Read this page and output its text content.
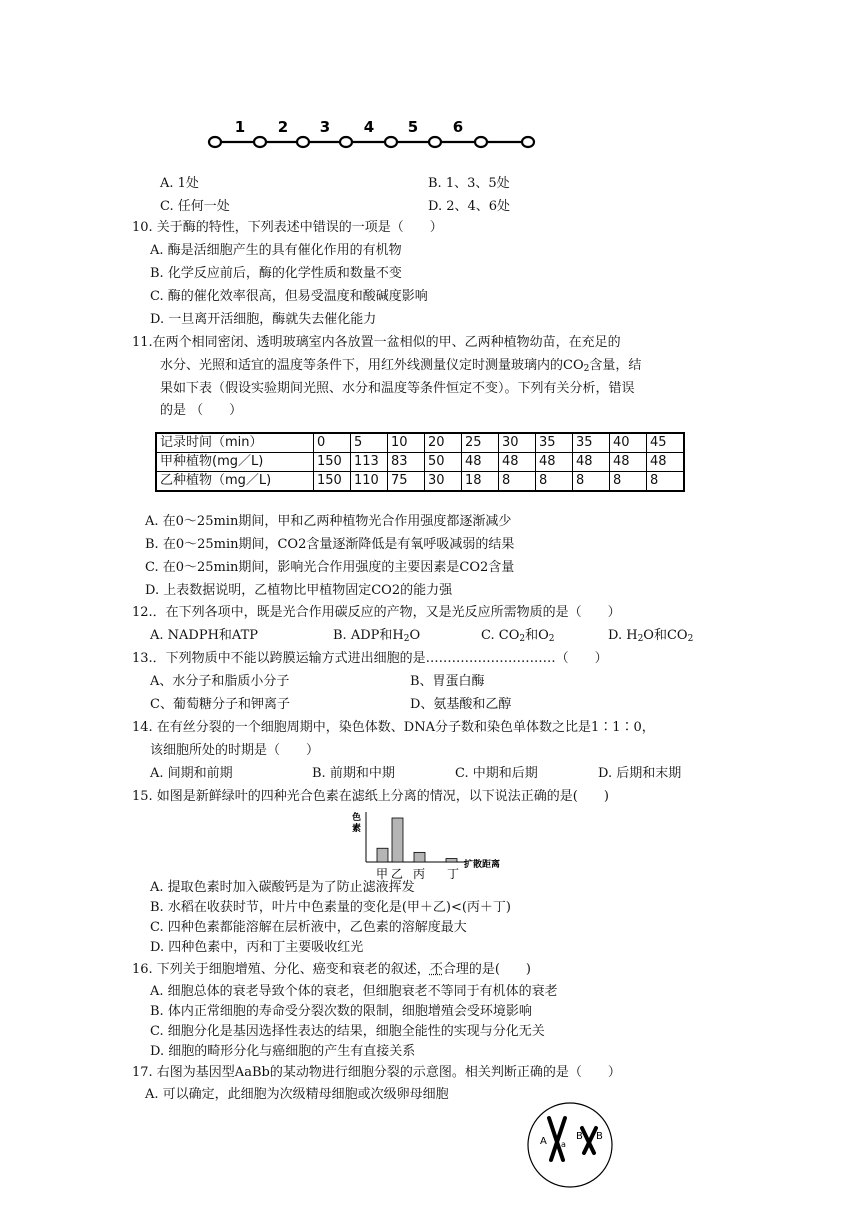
1 2 3 4 5 6
A. 1处	B. 1、3、5处
C. 任何一处	D. 2、4、6处
10. 关于酶的特性，下列表述中错误的一项是（　　）
A. 酶是活细胞产生的具有催化作用的有机物
B. 化学反应前后，酶的化学性质和数量不变
C. 酶的催化效率很高，但易受温度和酸碱度影响
D. 一旦离开活细胞，酶就失去催化能力
11.在两个相同密闭、透明玻璃室内各放置一盆相似的甲、乙两种植物幼苗，在充足的
水分、光照和适宜的温度等条件下，用红外线测量仪定时测量玻璃内的$CO_2$含量，结
果如下表（假设实验期间光照、水分和温度等条件恒定不变）。下列有关分析，错误
的是 （　　）
记录时间（min）	0	5	10	20	25	30	35	35	40	45
甲种植物(mg／L)	150	113	83	50	48	48	48	48	48	48
乙种植物（mg／L)	150	110	75	30	18	8	8	8	8	8
A. 在0～25min期间，甲和乙两种植物光合作用强度都逐渐减少
B. 在0～25min期间，CO2含量逐渐降低是有氧呼吸减弱的结果
C. 在0～25min期间，影响光合作用强度的主要因素是CO2含量
D. 上表数据说明，乙植物比甲植物固定CO2的能力强
12.．在下列各项中，既是光合作用碳反应的产物，又是光反应所需物质的是（　　）
A. NADPH和ATP	B. ADP和$H_2O$	C. $CO_2$和$O_2$	D. $H_2O$和$CO_2$
13.．下列物质中不能以跨膜运输方式进出细胞的是…………………………（　　）
A、水分子和脂质小分子	B、胃蛋白酶
C、葡萄糖分子和钾离子	D、氨基酸和乙醇
14. 在有丝分裂的一个细胞周期中，染色体数、DNA分子数和染色单体数之比是1∶1∶0，
该细胞所处的时期是（　　）
A. 间期和前期	B. 前期和中期	C. 中期和后期	D. 后期和末期
15. 如图是新鲜绿叶的四种光合色素在滤纸上分离的情况，以下说法正确的是(　　)
色
素
甲 乙 丙 丁
扩散距离
A. 提取色素时加入碳酸钙是为了防止滤液挥发
B. 水稻在收获时节，叶片中色素量的变化是(甲＋乙)<(丙＋丁)
C. 四种色素都能溶解在层析液中，乙色素的溶解度最大
D. 四种色素中，丙和丁主要吸收红光
16. 下列关于细胞增殖、分化、癌变和衰老的叙述，不合理的是(　　)
A. 细胞总体的衰老导致个体的衰老，但细胞衰老不等同于有机体的衰老
B. 体内正常细胞的寿命受分裂次数的限制，细胞增殖会受环境影响
C. 细胞分化是基因选择性表达的结果，细胞全能性的实现与分化无关
D. 细胞的畸形分化与癌细胞的产生有直接关系
17. 右图为基因型AaBb的某动物进行细胞分裂的示意图。相关判断正确的是（　　）
A. 可以确定，此细胞为次级精母细胞或次级卵母细胞
A a
B B
